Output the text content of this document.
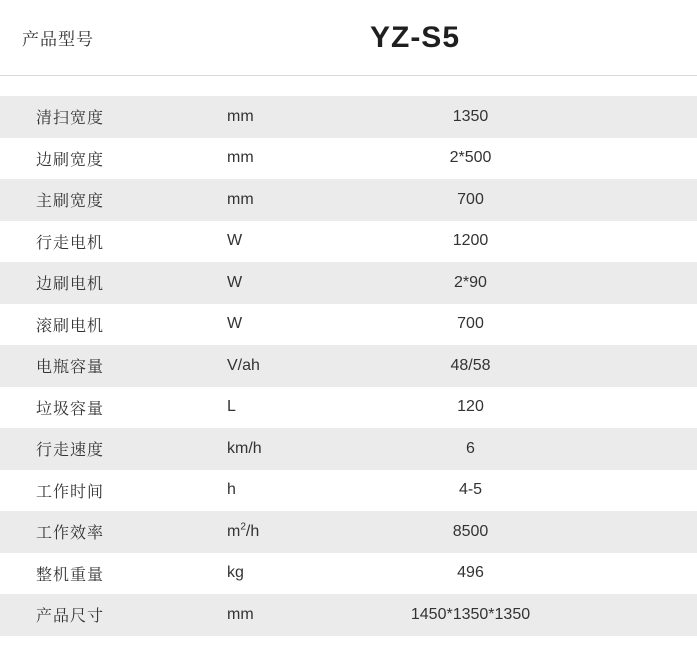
产品型号	YZ-S5
清扫宽度	mm	1350
边刷宽度	mm	2*500
主刷宽度	mm	700
行走电机	W	1200
边刷电机	W	2*90
滚刷电机	W	700
电瓶容量	V/ah	48/58
垃圾容量	L	120
行走速度	km/h	6
工作时间	h	4-5
工作效率	$m^2/h$	8500
整机重量	kg	496
产品尺寸	mm	1450*1350*1350
